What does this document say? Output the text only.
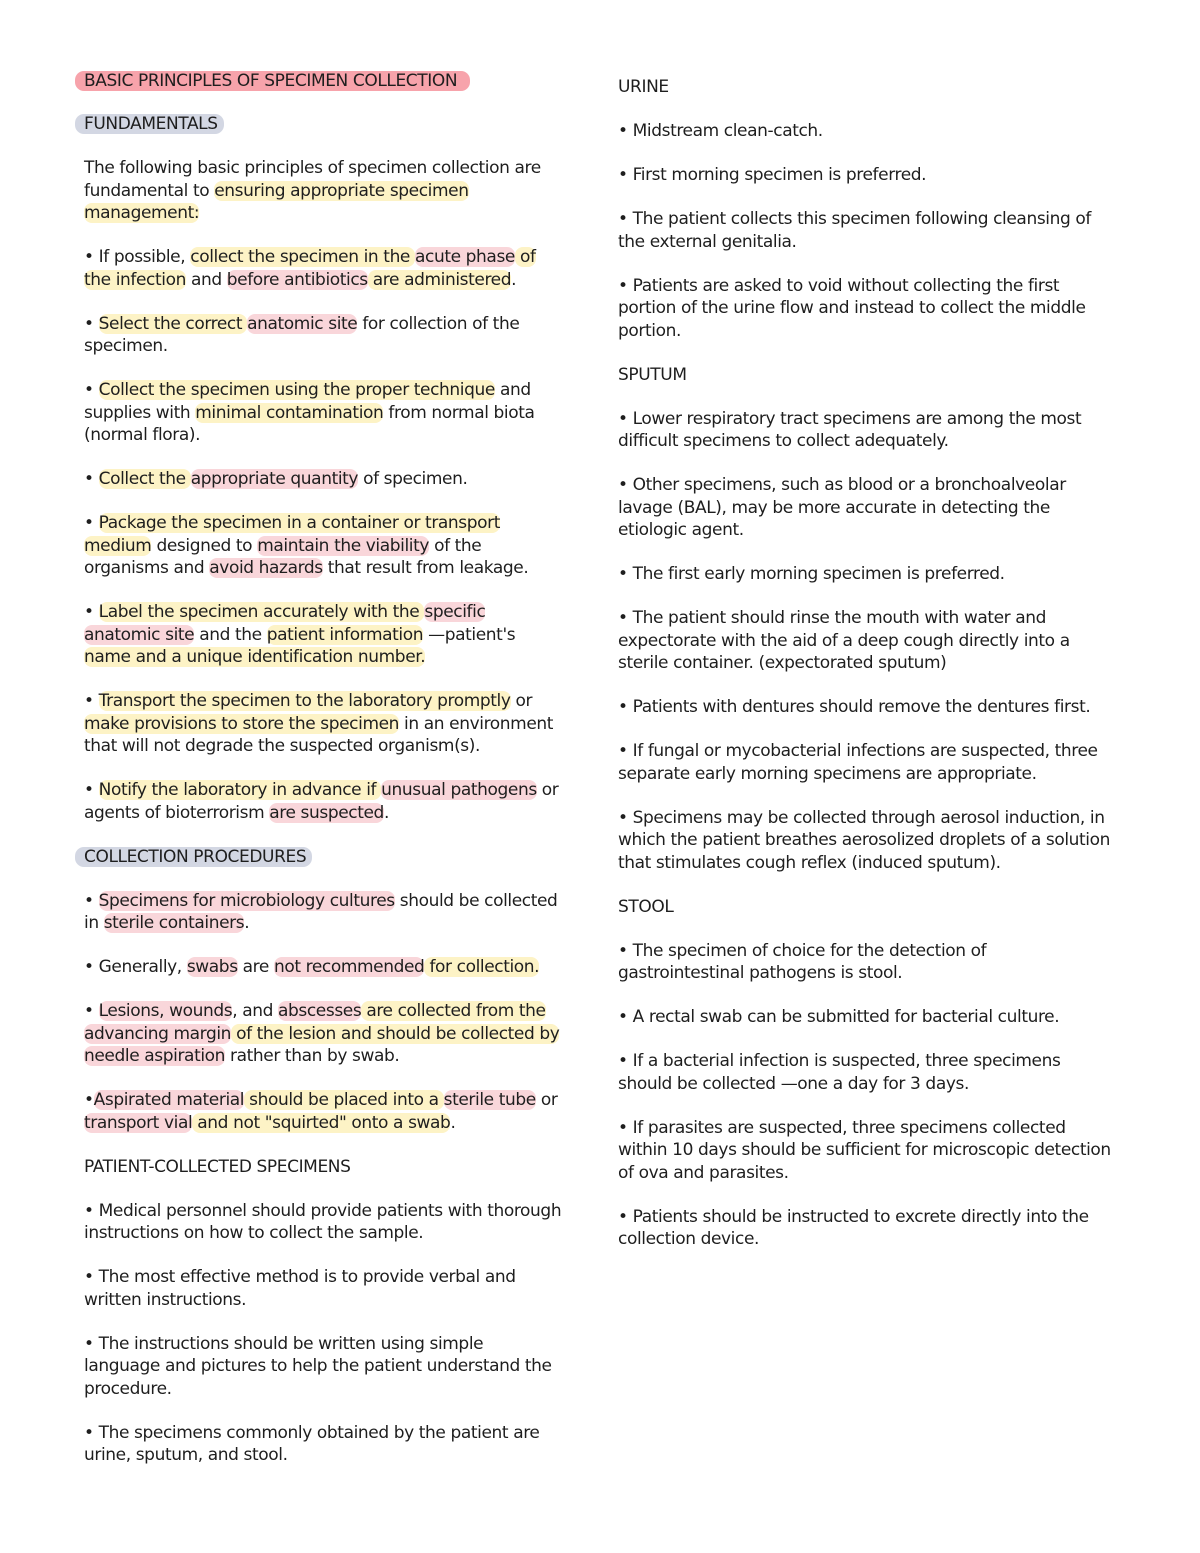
BASIC PRINCIPLES OF SPECIMEN COLLECTION
FUNDAMENTALS
The following basic principles of specimen collection are fundamental to ensuring appropriate specimen management:
• If possible, collect the specimen in the acute phase of the infection and before antibiotics are administered.
• Select the correct anatomic site for collection of the specimen.
• Collect the specimen using the proper technique and supplies with minimal contamination from normal biota (normal flora).
• Collect the appropriate quantity of specimen.
• Package the specimen in a container or transport medium designed to maintain the viability of the organisms and avoid hazards that result from leakage.
• Label the specimen accurately with the specific anatomic site and the patient information —patient's name and a unique identification number.
• Transport the specimen to the laboratory promptly or make provisions to store the specimen in an environment that will not degrade the suspected organism(s).
• Notify the laboratory in advance if unusual pathogens or agents of bioterrorism are suspected.
COLLECTION PROCEDURES
• Specimens for microbiology cultures should be collected in sterile containers.
• Generally, swabs are not recommended for collection.
• Lesions, wounds, and abscesses are collected from the advancing margin of the lesion and should be collected by needle aspiration rather than by swab.
•Aspirated material should be placed into a sterile tube or transport vial and not "squirted" onto a swab.
PATIENT-COLLECTED SPECIMENS
• Medical personnel should provide patients with thorough instructions on how to collect the sample.
• The most effective method is to provide verbal and written instructions.
• The instructions should be written using simple language and pictures to help the patient understand the procedure.
• The specimens commonly obtained by the patient are urine, sputum, and stool.
URINE
• Midstream clean-catch.
• First morning specimen is preferred.
• The patient collects this specimen following cleansing of the external genitalia.
• Patients are asked to void without collecting the first portion of the urine flow and instead to collect the middle portion.
SPUTUM
• Lower respiratory tract specimens are among the most difficult specimens to collect adequately.
• Other specimens, such as blood or a bronchoalveolar lavage (BAL), may be more accurate in detecting the etiologic agent.
• The first early morning specimen is preferred.
• The patient should rinse the mouth with water and expectorate with the aid of a deep cough directly into a sterile container. (expectorated sputum)
• Patients with dentures should remove the dentures first.
• If fungal or mycobacterial infections are suspected, three separate early morning specimens are appropriate.
• Specimens may be collected through aerosol induction, in which the patient breathes aerosolized droplets of a solution that stimulates cough reflex (induced sputum).
STOOL
• The specimen of choice for the detection of gastrointestinal pathogens is stool.
• A rectal swab can be submitted for bacterial culture.
• If a bacterial infection is suspected, three specimens should be collected —one a day for 3 days.
• If parasites are suspected, three specimens collected within 10 days should be sufficient for microscopic detection of ova and parasites.
• Patients should be instructed to excrete directly into the collection device.
